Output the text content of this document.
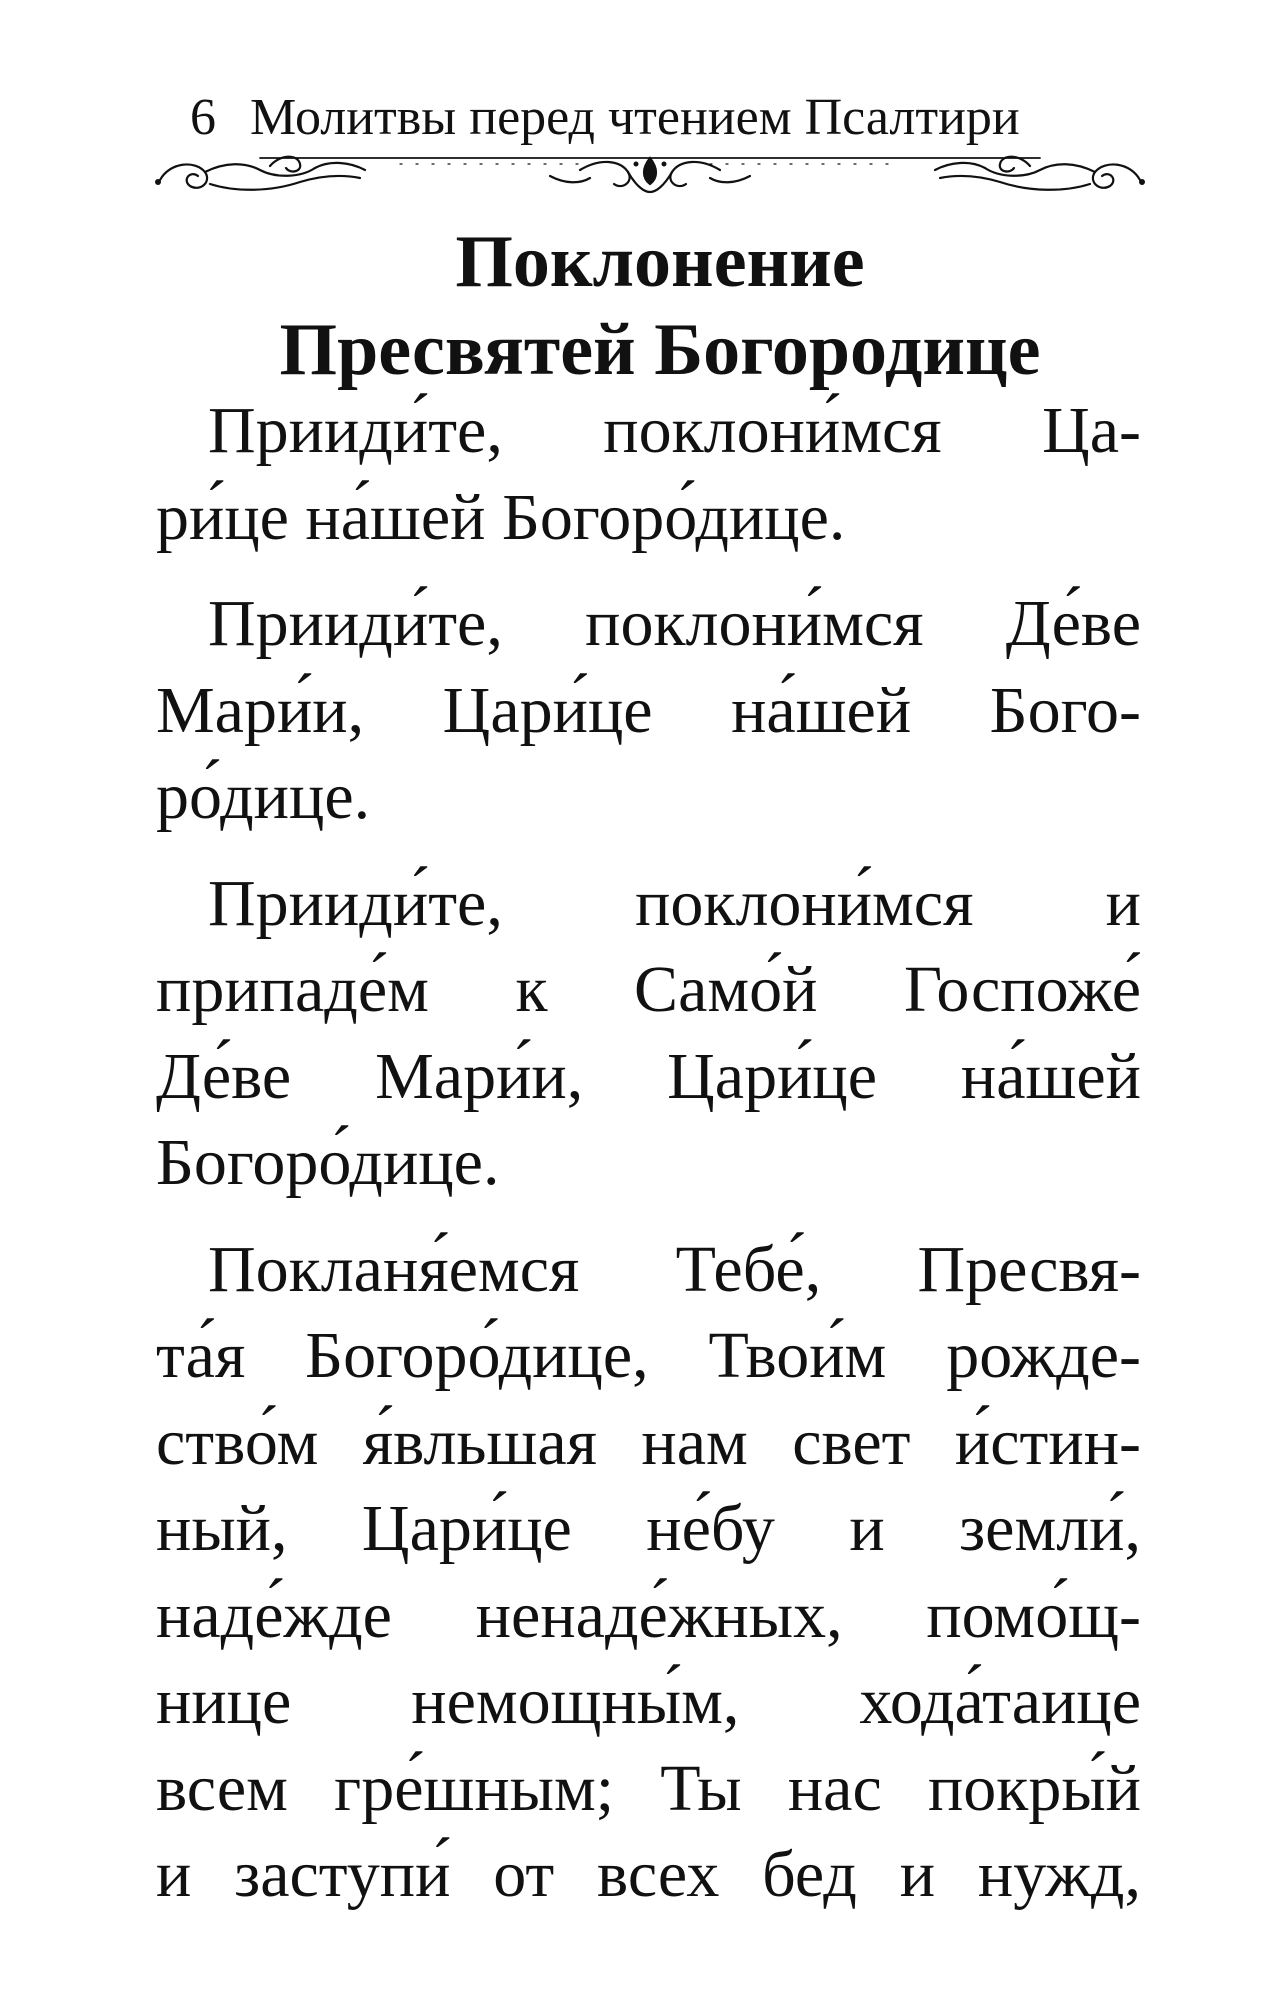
6 Молитвы перед чтением Псалтири
Поклонение
Пресвятей Богородице
Прииди́те, поклони́мся Ца-
ри́це на́шей Богоро́дице.
Прииди́те, поклони́мся Де́ве
Мари́и, Цари́це на́шей Бого-
ро́дице.
Прииди́те, поклони́мся и
припаде́м к Само́й Госпоже́
Де́ве Мари́и, Цари́це на́шей
Богоро́дице.
Покланя́емся Тебе́, Пресвя-
та́я Богоро́дице, Твои́м рожде-
ство́м я́вльшая нам свет и́стин-
ный, Цари́це не́бу и земли́,
наде́жде ненаде́жных, помо́щ-
нице немощны́м, хода́таице
всем гре́шным; Ты нас покры́й
и заступи́ от всех бед и нужд,
